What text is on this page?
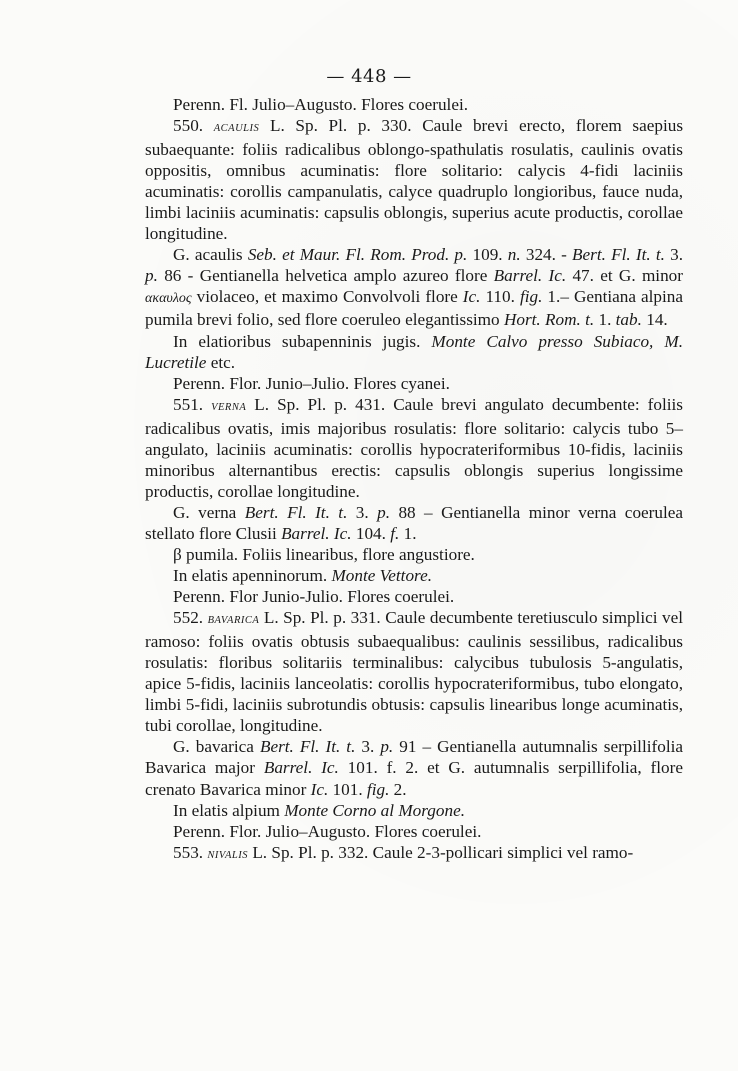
— 448 —

Perenn. Fl. Julio–Augusto. Flores coerulei.

550. ACAULIS L. Sp. Pl. p. 330. Caule brevi erecto, florem saepius subaequante: foliis radicalibus oblongo-spathulatis rosulatis, caulinis ovatis oppositis, omnibus acuminatis: flore solitario: calycis 4-fidi laciniis acuminatis: corollis campanulatis, calyce quadruplo longioribus, fauce nuda, limbi laciniis acuminatis: capsulis oblongis, superius acute productis, corollae longitudine.

G. acaulis Seb. et Maur. Fl. Rom. Prod. p. 109. n. 324. - Bert. Fl. It. t. 3. p. 86 - Gentianella helvetica amplo azureo flore Barrel. Ic. 47. et G. minor ακαυλος violaceo, et maximo Convolvoli flore Ic. 110. fig. 1.– Gentiana alpina pumila brevi folio, sed flore coeruleo elegantissimo Hort. Rom. t. 1. tab. 14.

In elatioribus subapenninis jugis. Monte Calvo presso Subiaco, M. Lucretile etc.

Perenn. Flor. Junio–Julio. Flores cyanei.

551. VERNA L. Sp. Pl. p. 431. Caule brevi angulato decumbente: foliis radicalibus ovatis, imis majoribus rosulatis: flore solitario: calycis tubo 5–angulato, laciniis acuminatis: corollis hypocrateriformibus 10-fidis, laciniis minoribus alternantibus erectis: capsulis oblongis superius longissime productis, corollae longitudine.

G. verna Bert. Fl. It. t. 3. p. 88 – Gentianella minor verna coerulea stellato flore Clusii Barrel. Ic. 104. f. 1.

β pumila. Foliis linearibus, flore angustiore.

In elatis apenninorum. Monte Vettore.

Perenn. Flor Junio-Julio. Flores coerulei.

552. BAVARICA L. Sp. Pl. p. 331. Caule decumbente teretiusculo simplici vel ramoso: foliis ovatis obtusis subaequalibus: caulinis sessilibus, radicalibus rosulatis: floribus solitariis terminalibus: calycibus tubulosis 5-angulatis, apice 5-fidis, laciniis lanceolatis: corollis hypocrateriformibus, tubo elongato, limbi 5-fidi, laciniis subrotundis obtusis: capsulis linearibus longe acuminatis, tubi corollae, longitudine.

G. bavarica Bert. Fl. It. t. 3. p. 91 – Gentianella autumnalis serpillifolia Bavarica major Barrel. Ic. 101. f. 2. et G. autumnalis serpillifolia, flore crenato Bavarica minor Ic. 101. fig. 2.

In elatis alpium Monte Corno al Morgone.

Perenn. Flor. Julio–Augusto. Flores coerulei.

553. NIVALIS L. Sp. Pl. p. 332. Caule 2-3-pollicari simplici vel ramo-
